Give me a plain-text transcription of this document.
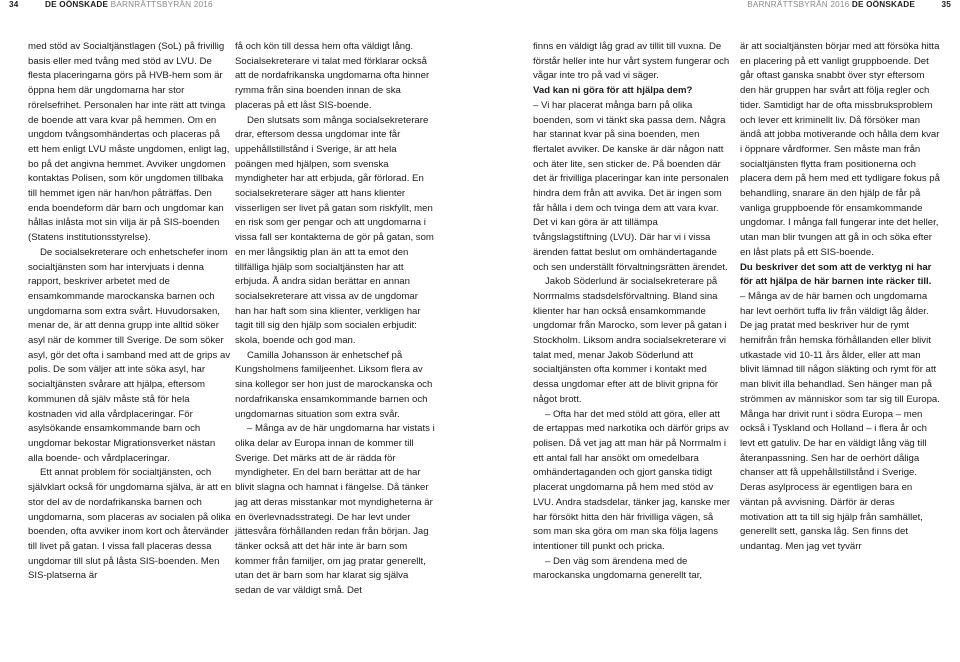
34	DE OÖNSKADE BARNRÄTTSBYRÅN 2016	BARNRÄTTSBYRÅN 2016 DE OÖNSKADE	35

med stöd av Socialtjänstlagen (SoL) på frivillig basis eller med tvång med stöd av LVU. De flesta placeringarna görs på HVB-hem som är öppna hem där ungdomarna har stor rörelsefrihet. Personalen har inte rätt att tvinga de boende att vara kvar på hemmen. Om en ungdom tvångsomhändertas och placeras på ett hem enligt LVU måste ungdomen, enligt lag, bo på det angivna hemmet. Avviker ungdomen kontaktas Polisen, som kör ungdomen tillbaka till hemmet igen när han/hon påträffas. Den enda boendeform där barn och ungdomar kan hållas inlåsta mot sin vilja är på SIS-boenden (Statens institutionsstyrelse).

De socialsekreterare och enhetschefer inom socialtjänsten som har intervjuats i denna rapport, beskriver arbetet med de ensamkommande marockanska barnen och ungdomarna som extra svårt. Huvudorsaken, menar de, är att denna grupp inte alltid söker asyl när de kommer till Sverige. De som söker asyl, gör det ofta i samband med att de grips av polis. De som väljer att inte söka asyl, har socialtjänsten svårare att hjälpa, eftersom kommunen då själv måste stå för hela kostnaden vid alla vårdplaceringar. För asylsökande ensamkommande barn och ungdomar bekostar Migrationsverket nästan alla boende- och vårdplaceringar.

Ett annat problem för socialtjänsten, och självklart också för ungdomarna själva, är att en stor del av de nordafrikanska barnen och ungdomarna, som placeras av socialen på olika boenden, ofta avviker inom kort och återvänder till livet på gatan. I vissa fall placeras dessa ungdomar till slut på låsta SIS-boenden. Men SIS-platserna är

få och kön till dessa hem ofta väldigt lång. Socialsekreterare vi talat med förklarar också att de nordafrikanska ungdomarna ofta hinner rymma från sina boenden innan de ska placeras på ett låst SIS-boende.

Den slutsats som många socialsekreterare drar, eftersom dessa ungdomar inte får uppehållstillstånd i Sverige, är att hela poängen med hjälpen, som svenska myndigheter har att erbjuda, går förlorad. En socialsekreterare säger att hans klienter visserligen ser livet på gatan som riskfyllt, men en risk som ger pengar och att ungdomarna i vissa fall ser kontakterna de gör på gatan, som en mer långsiktig plan än att ta emot den tillfälliga hjälp som socialtjänsten har att erbjuda. Å andra sidan berättar en annan socialsekreterare att vissa av de ungdomar han har haft som sina klienter, verkligen har tagit till sig den hjälp som socialen erbjudit: skola, boende och god man.

Camilla Johansson är enhetschef på Kungsholmens familjeenhet. Liksom flera av sina kollegor ser hon just de marockanska och nordafrikanska ensamkommande barnen och ungdomarnas situation som extra svår.

– Många av de här ungdomarna har vistats i olika delar av Europa innan de kommer till Sverige. Det märks att de är rädda för myndigheter. En del barn berättar att de har blivit slagna och hamnat i fängelse. Då tänker jag att deras misstankar mot myndigheterna är en överlevnadsstrategi. De har levt under jättesvåra förhållanden redan från början. Jag tänker också att det här inte är barn som kommer från familjer, om jag pratar generellt, utan det är barn som har klarat sig själva sedan de var väldigt små. Det

finns en väldigt låg grad av tillit till vuxna. De förstår heller inte hur vårt system fungerar och vågar inte tro på vad vi säger.

Vad kan ni göra för att hjälpa dem?

– Vi har placerat många barn på olika boenden, som vi tänkt ska passa dem. Några har stannat kvar på sina boenden, men flertalet avviker. De kanske är där någon natt och äter lite, sen sticker de. På boenden där det är frivilliga placeringar kan inte personalen hindra dem från att avvika. Det är ingen som får hålla i dem och tvinga dem att vara kvar. Det vi kan göra är att tillämpa tvångslagstiftning (LVU). Där har vi i vissa ärenden fattat beslut om omhändertagande och sen underställt förvaltningsrätten ärendet.

Jakob Söderlund är socialsekreterare på Norrmalms stadsdelsförvaltning. Bland sina klienter har han också ensamkommande ungdomar från Marocko, som lever på gatan i Stockholm. Liksom andra socialsekreterare vi talat med, menar Jakob Söderlund att socialtjänsten ofta kommer i kontakt med dessa ungdomar efter att de blivit gripna för något brott.

– Ofta har det med stöld att göra, eller att de ertappas med narkotika och därför grips av polisen. Då vet jag att man här på Norrmalm i ett antal fall har ansökt om omedelbara omhändertaganden och gjort ganska tidigt placerat ungdomarna på hem med stöd av LVU. Andra stadsdelar, tänker jag, kanske mer har försökt hitta den här frivilliga vägen, så som man ska göra om man ska följa lagens intentioner till punkt och pricka.

– Den väg som ärendena med de marockanska ungdomarna generellt tar,

är att socialtjänsten börjar med att försöka hitta en placering på ett vanligt gruppboende. Det går oftast ganska snabbt över styr eftersom den här gruppen har svårt att följa regler och tider. Samtidigt har de ofta missbruksproblem och lever ett kriminellt liv. Då försöker man ändå att jobba motiverande och hålla dem kvar i öppnare vårdformer. Sen måste man från socialtjänsten flytta fram positionerna och placera dem på hem med ett tydligare fokus på behandling, snarare än den hjälp de får på vanliga gruppboende för ensamkommande ungdomar. I många fall fungerar inte det heller, utan man blir tvungen att gå in och söka efter en låst plats på ett SIS-boende.

Du beskriver det som att de verktyg ni har för att hjälpa de här barnen inte räcker till.

– Många av de här barnen och ungdomarna har levt oerhört tuffa liv från väldigt låg ålder. De jag pratat med beskriver hur de rymt hemifrån från hemska förhållanden eller blivit utkastade vid 10-11 års ålder, eller att man blivit lämnad till någon släkting och rymt för att man blivit illa behandlad. Sen hänger man på strömmen av människor som tar sig till Europa. Många har drivit runt i södra Europa – men också i Tyskland och Holland – i flera år och levt ett gatuliv. De har en väldigt lång väg till återanpassning. Sen har de oerhört dåliga chanser att få uppehållstillstånd i Sverige. Deras asylprocess är egentligen bara en väntan på avvisning. Därför är deras motivation att ta till sig hjälp från samhället, generellt sett, ganska låg. Sen finns det undantag. Men jag vet tyvärr
